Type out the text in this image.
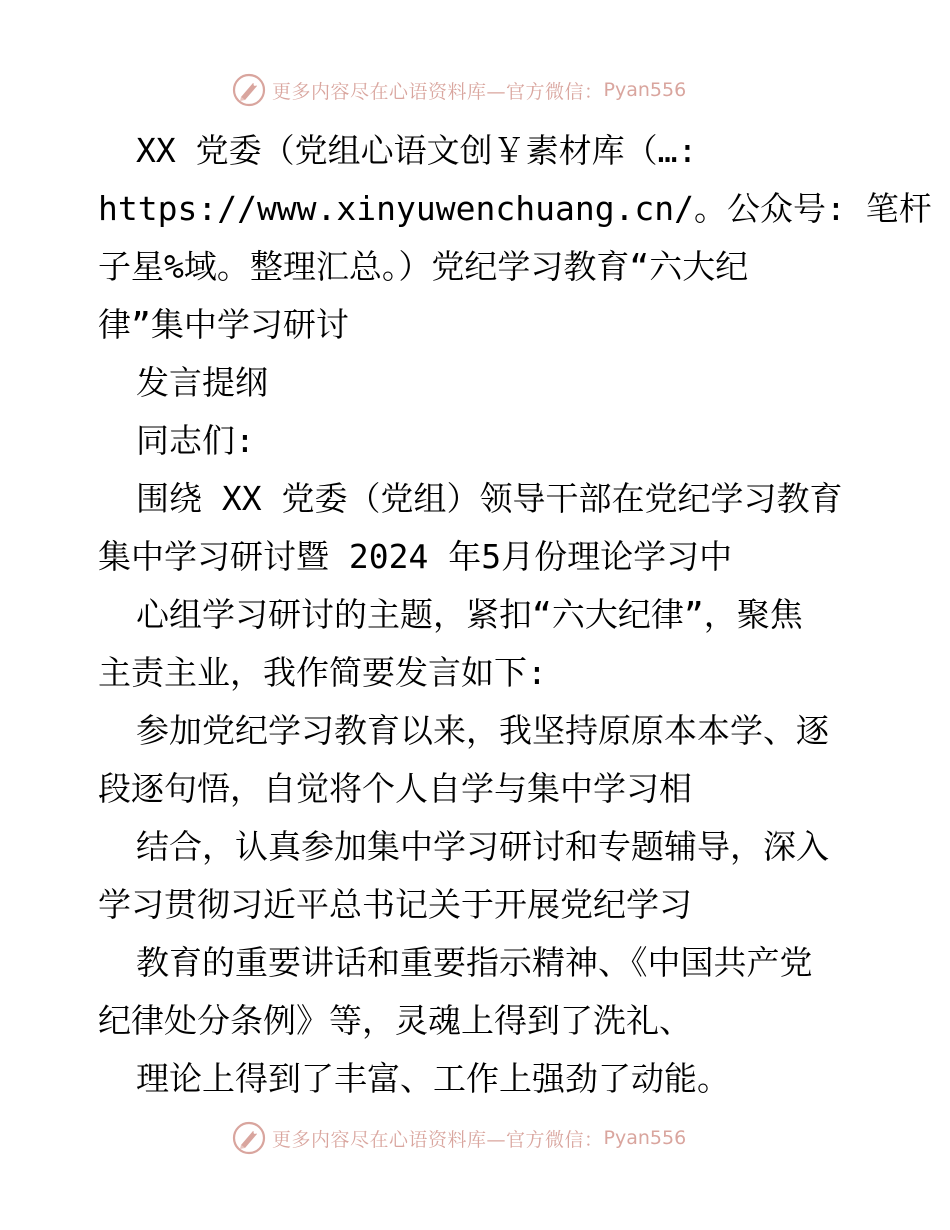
更多内容尽在心语资料库—官方微信： Pyan556
XX 党委（党组心语文创￥素材库（…:
https://www.xinyuwenchuang.cn/。公众号: 笔杆
子星%域。整理汇总。）党纪学习教育“六大纪
律”集中学习研讨
发言提纲
同志们:
围绕 XX 党委（党组）领导干部在党纪学习教育
集中学习研讨暨 2024 年5月份理论学习中
心组学习研讨的主题，紧扣“六大纪律”，聚焦
主责主业，我作简要发言如下:
参加党纪学习教育以来，我坚持原原本本学、逐
段逐句悟，自觉将个人自学与集中学习相
结合，认真参加集中学习研讨和专题辅导，深入
学习贯彻习近平总书记关于开展党纪学习
教育的重要讲话和重要指示精神、《中国共产党
纪律处分条例》等，灵魂上得到了洗礼、
理论上得到了丰富、工作上强劲了动能。
更多内容尽在心语资料库—官方微信： Pyan556
